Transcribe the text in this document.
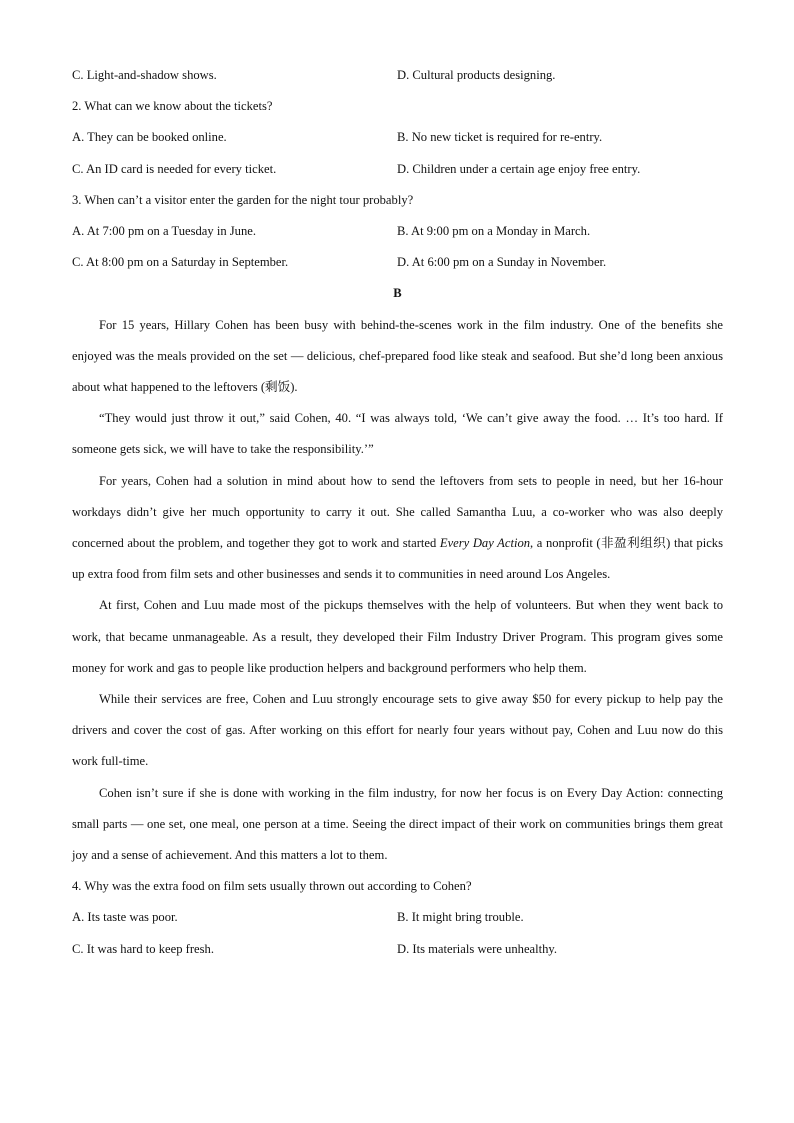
C. Light-and-shadow shows.	D. Cultural products designing.
2. What can we know about the tickets?
A. They can be booked online.	B. No new ticket is required for re-entry.
C. An ID card is needed for every ticket.	D. Children under a certain age enjoy free entry.
3. When can’t a visitor enter the garden for the night tour probably?
A. At 7:00 pm on a Tuesday in June.	B. At 9:00 pm on a Monday in March.
C. At 8:00 pm on a Saturday in September.	D. At 6:00 pm on a Sunday in November.
B

For 15 years, Hillary Cohen has been busy with behind-the-scenes work in the film industry. One of the benefits she enjoyed was the meals provided on the set — delicious, chef-prepared food like steak and seafood. But she’d long been anxious about what happened to the leftovers (剩饭).

“They would just throw it out,” said Cohen, 40. “I was always told, ‘We can’t give away the food. … It’s too hard. If someone gets sick, we will have to take the responsibility.’”

For years, Cohen had a solution in mind about how to send the leftovers from sets to people in need, but her 16-hour workdays didn’t give her much opportunity to carry it out. She called Samantha Luu, a co-worker who was also deeply concerned about the problem, and together they got to work and started Every Day Action, a nonprofit (非盈利组织) that picks up extra food from film sets and other businesses and sends it to communities in need around Los Angeles.

At first, Cohen and Luu made most of the pickups themselves with the help of volunteers. But when they went back to work, that became unmanageable. As a result, they developed their Film Industry Driver Program. This program gives some money for work and gas to people like production helpers and background performers who help them.

While their services are free, Cohen and Luu strongly encourage sets to give away $50 for every pickup to help pay the drivers and cover the cost of gas. After working on this effort for nearly four years without pay, Cohen and Luu now do this work full-time.

Cohen isn’t sure if she is done with working in the film industry, for now her focus is on Every Day Action: connecting small parts — one set, one meal, one person at a time. Seeing the direct impact of their work on communities brings them great joy and a sense of achievement. And this matters a lot to them.

4. Why was the extra food on film sets usually thrown out according to Cohen?
A. Its taste was poor.	B. It might bring trouble.
C. It was hard to keep fresh.	D. Its materials were unhealthy.
